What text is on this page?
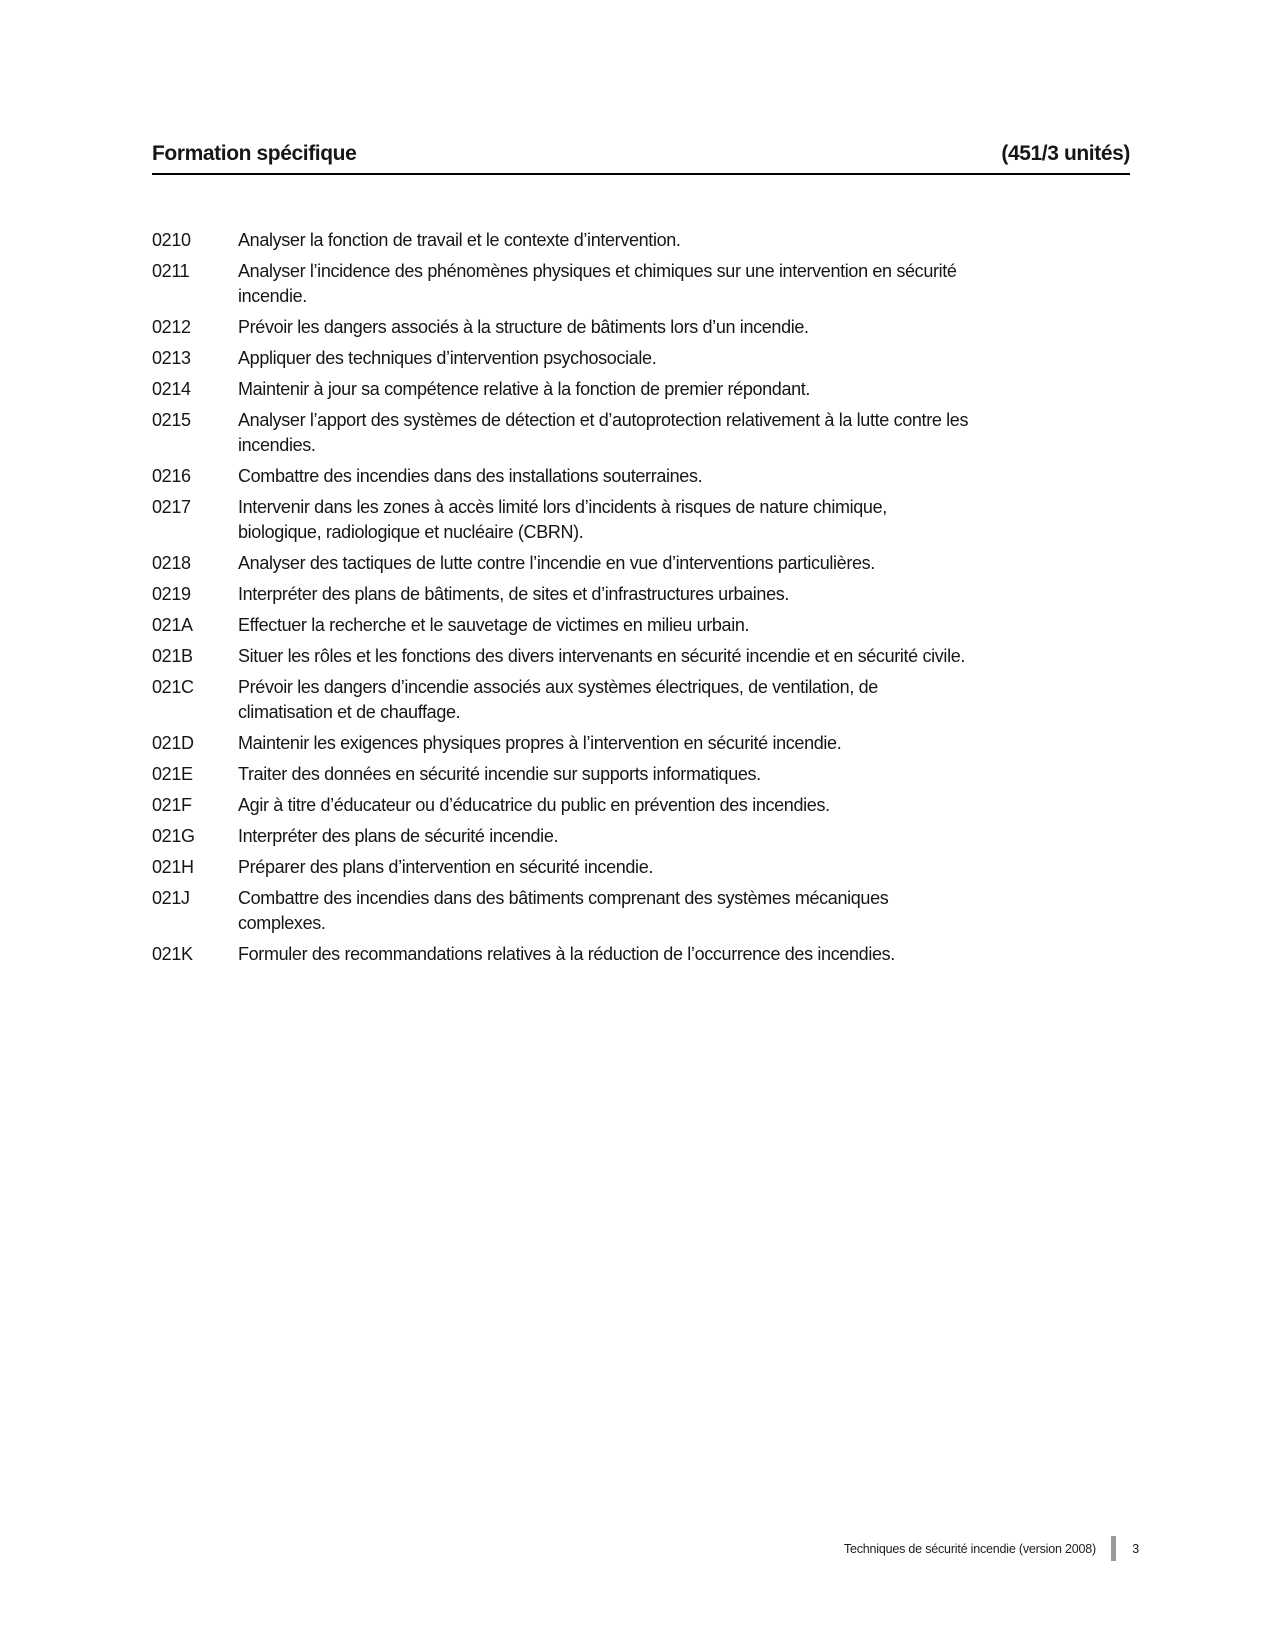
Formation spécifique	(451/3 unités)
0210	Analyser la fonction de travail et le contexte d’intervention.
0211	Analyser l’incidence des phénomènes physiques et chimiques sur une intervention en sécurité
incendie.
0212	Prévoir les dangers associés à la structure de bâtiments lors d’un incendie.
0213	Appliquer des techniques d’intervention psychosociale.
0214	Maintenir à jour sa compétence relative à la fonction de premier répondant.
0215	Analyser l’apport des systèmes de détection et d’autoprotection relativement à la lutte contre les
incendies.
0216	Combattre des incendies dans des installations souterraines.
0217	Intervenir dans les zones à accès limité lors d’incidents à risques de nature chimique,
biologique, radiologique et nucléaire (CBRN).
0218	Analyser des tactiques de lutte contre l’incendie en vue d’interventions particulières.
0219	Interpréter des plans de bâtiments, de sites et d’infrastructures urbaines.
021A	Effectuer la recherche et le sauvetage de victimes en milieu urbain.
021B	Situer les rôles et les fonctions des divers intervenants en sécurité incendie et en sécurité civile.
021C	Prévoir les dangers d’incendie associés aux systèmes électriques, de ventilation, de
climatisation et de chauffage.
021D	Maintenir les exigences physiques propres à l’intervention en sécurité incendie.
021E	Traiter des données en sécurité incendie sur supports informatiques.
021F	Agir à titre d’éducateur ou d’éducatrice du public en prévention des incendies.
021G	Interpréter des plans de sécurité incendie.
021H	Préparer des plans d’intervention en sécurité incendie.
021J	Combattre des incendies dans des bâtiments comprenant des systèmes mécaniques
complexes.
021K	Formuler des recommandations relatives à la réduction de l’occurrence des incendies.
Techniques de sécurité incendie (version 2008)	3
